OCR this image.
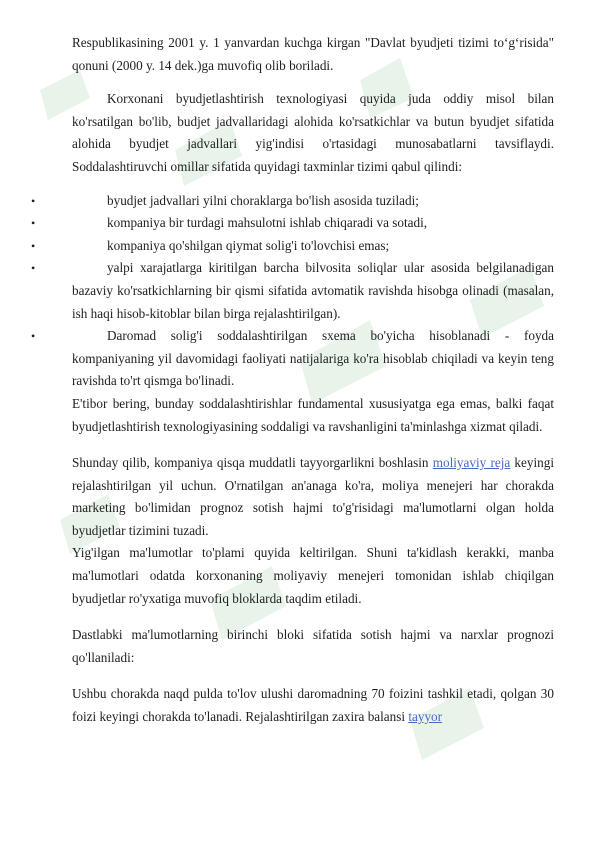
Respublikasining 2001 y. 1 yanvardan kuchga kirgan "Davlat byudjeti tizimi to‘g‘risida" qonuni (2000 y. 14 dek.)ga muvofiq olib boriladi.

Korxonani byudjetlashtirish texnologiyasi quyida juda oddiy misol bilan ko'rsatilgan bo'lib, budjet jadvallaridagi alohida ko'rsatkichlar va butun byudjet sifatida alohida byudjet jadvallari yig'indisi o'rtasidagi munosabatlarni tavsiflaydi. Soddalashtiruvchi omillar sifatida quyidagi taxminlar tizimi qabul qilindi:

•	byudjet jadvallari yilni choraklarga bo'lish asosida tuziladi;

•	kompaniya bir turdagi mahsulotni ishlab chiqaradi va sotadi,

•	kompaniya qo'shilgan qiymat solig'i to'lovchisi emas;

•	yalpi xarajatlarga kiritilgan barcha bilvosita soliqlar ular asosida belgilanadigan bazaviy ko'rsatkichlarning bir qismi sifatida avtomatik ravishda hisobga olinadi (masalan, ish haqi hisob-kitoblar bilan birga rejalashtirilgan).

•	Daromad solig'i soddalashtirilgan sxema bo'yicha hisoblanadi - foyda kompaniyaning yil davomidagi faoliyati natijalariga ko'ra hisoblab chiqiladi va keyin teng ravishda to'rt qismga bo'linadi.

E'tibor bering, bunday soddalashtirishlar fundamental xususiyatga ega emas, balki faqat byudjetlashtirish texnologiyasining soddaligi va ravshanligini ta'minlashga xizmat qiladi.

Shunday qilib, kompaniya qisqa muddatli tayyorgarlikni boshlasin moliyaviy reja keyingi rejalashtirilgan yil uchun. O'rnatilgan an'anaga ko'ra, moliya menejeri har chorakda marketing bo'limidan prognoz sotish hajmi to'g'risidagi ma'lumotlarni olgan holda byudjetlar tizimini tuzadi.

Yig'ilgan ma'lumotlar to'plami quyida keltirilgan. Shuni ta'kidlash kerakki, manba ma'lumotlari odatda korxonaning moliyaviy menejeri tomonidan ishlab chiqilgan byudjetlar ro'yxatiga muvofiq bloklarda taqdim etiladi.

Dastlabki ma'lumotlarning birinchi bloki sifatida sotish hajmi va narxlar prognozi qo'llaniladi:

Ushbu chorakda naqd pulda to'lov ulushi daromadning 70 foizini tashkil etadi, qolgan 30 foizi keyingi chorakda to'lanadi. Rejalashtirilgan zaxira balansi tayyor
